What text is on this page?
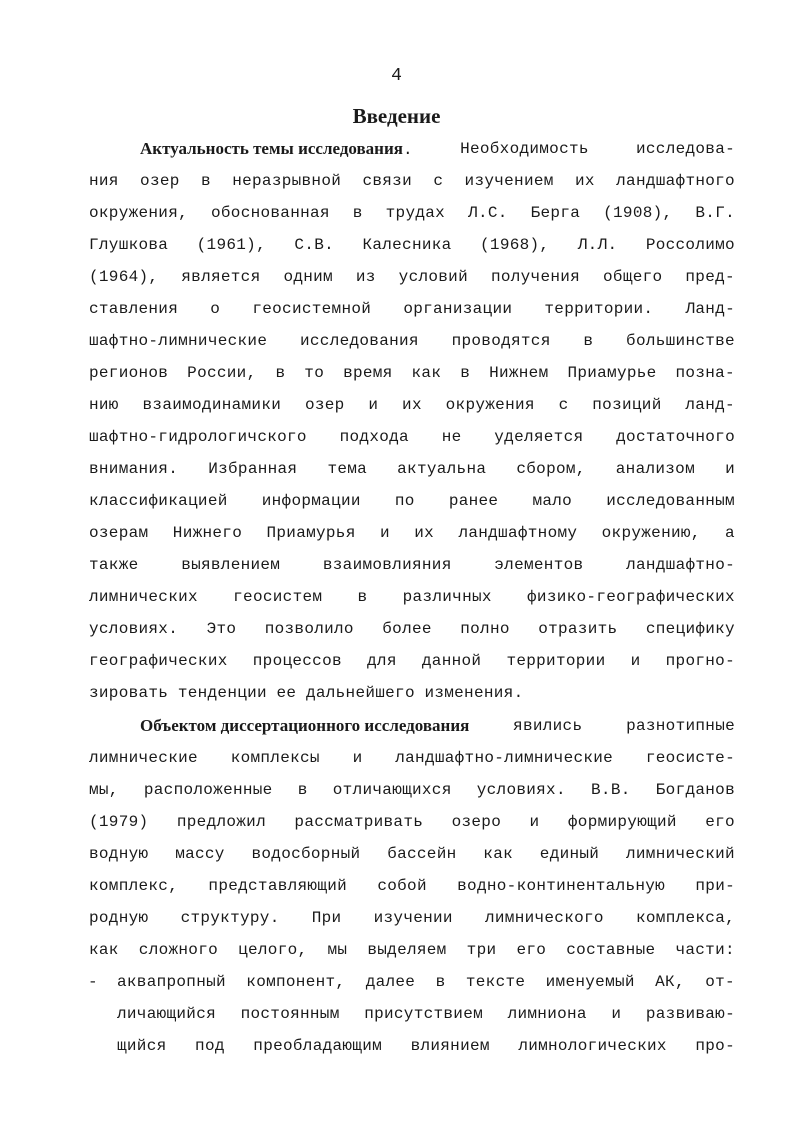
4
Введение
Актуальность темы исследования.	Необходимость	исследова-
ния озер в неразрывной связи с изучением их ландшафтного
окружения, обоснованная в трудах Л.С. Берга (1908), В.Г.
Глушкова (1961), С.В. Калесника (1968), Л.Л. Россолимо
(1964), является одним из условий получения общего пред-
ставления о геосистемной организации территории. Ланд-
шафтно-лимнические исследования проводятся в большинстве
регионов России, в то время как в Нижнем Приамурье позна-
нию взаимодинамики озер и их окружения с позиций ланд-
шафтно-гидрологичского подхода не уделяется достаточного
внимания. Избранная тема актуальна сбором, анализом и
классификацией информации по ранее мало исследованным
озерам Нижнего Приамурья и их ландшафтному окружению, а
также	выявлением	взаимовлияния	элементов	ландшафтно-
лимнических геосистем в различных физико-географических
условиях. Это позволило более полно отразить специфику
географических процессов для данной территории и прогно-
зировать тенденции ее дальнейшего изменения.
Объектом диссертационного исследования	явились	разнотипные
лимнические комплексы и ландшафтно-лимнические геосисте-
мы, расположенные в отличающихся условиях. В.В. Богданов
(1979) предложил рассматривать озеро и формирующий его
водную массу водосборный бассейн как единый лимнический
комплекс, представляющий собой водно-континентальную при-
родную структуру. При изучении лимнического комплекса,
как сложного целого, мы выделяем три его составные части:
- аквапропный компонент, далее в тексте именуемый АК, от-
личающийся постоянным присутствием лимниона и развиваю-
щийся под преобладающим влиянием лимнологических про-
